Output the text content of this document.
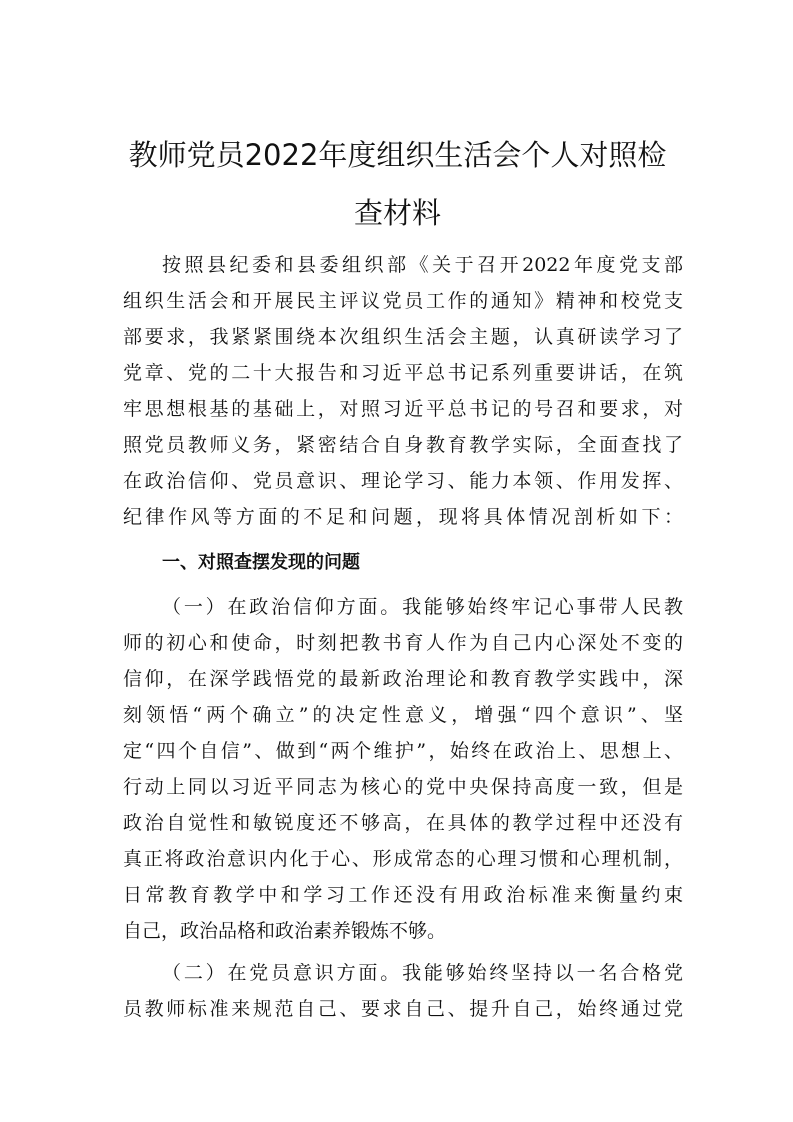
教师党员2022年度组织生活会个人对照检
查材料
按照县纪委和县委组织部《关于召开2022年度党支部
组织生活会和开展民主评议党员工作的通知》精神和校党支
部要求，我紧紧围绕本次组织生活会主题，认真研读学习了
党章、党的二十大报告和习近平总书记系列重要讲话，在筑
牢思想根基的基础上，对照习近平总书记的号召和要求，对
照党员教师义务，紧密结合自身教育教学实际，全面查找了
在政治信仰、党员意识、理论学习、能力本领、作用发挥、
纪律作风等方面的不足和问题，现将具体情况剖析如下：
一、对照查摆发现的问题
（一）在政治信仰方面。我能够始终牢记心事带人民教
师的初心和使命，时刻把教书育人作为自己内心深处不变的
信仰，在深学践悟党的最新政治理论和教育教学实践中，深
刻领悟“两个确立”的决定性意义，增强“四个意识”、坚
定“四个自信”、做到“两个维护”，始终在政治上、思想上、
行动上同以习近平同志为核心的党中央保持高度一致，但是
政治自觉性和敏锐度还不够高，在具体的教学过程中还没有
真正将政治意识内化于心、形成常态的心理习惯和心理机制，
日常教育教学中和学习工作还没有用政治标准来衡量约束
自己，政治品格和政治素养锻炼不够。
（二）在党员意识方面。我能够始终坚持以一名合格党
员教师标准来规范自己、要求自己、提升自己，始终通过党
